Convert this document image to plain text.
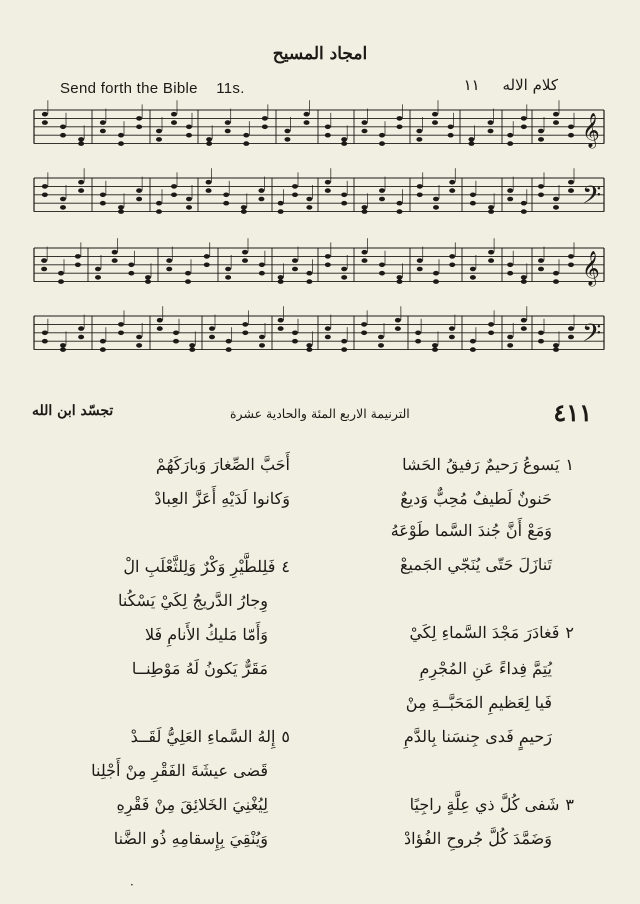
امجاد المسيح
Send forth the Bible 11s.	كلام الاله ١١
𝄞
𝄢
𝄞
𝄢
تجسّد ابن الله	الترنيمة الاربع المئة والحادية عشرة	٤١١
١يَسوعُ رَحيمٌ رَفيقُ الحَشا
حَنونٌ لَطيفٌ مُحِبٌّ وَديعٌ
وَمَعْ أَنَّ جُندَ السَّما طَوْعَهُ
تَنازَلَ حَتّى يُنَجّي الجَميعْ
٢فَغادَرَ مَجْدَ السَّماءِ لِكَيْ
يُتِمَّ فِداءً عَنِ المُجْرِمِ
فَيا لِعَظيمِ المَحَبَّــةِ مِنْ
رَحيمٍ فَدى جِنسَنا بِالدَّمِ
٣شَفى كُلَّ ذي عِلَّةٍ راجِيًا
وَضَمَّدَ كُلَّ جُروحِ الفُؤادْ
أَحَبَّ الصِّغارَ وَبارَكَهُمْ
وَكانوا لَدَيْهِ أَعَزَّ العِبادْ
٤فَلِلطَّيْرِ وَكْرٌ وَلِلثَّعْلَبِ الْ
وِجارُ الدَّريجُ لِكَيْ يَسْكُنا
وَأَمّا مَليكُ الأَنامِ فَلا
مَقَرٌّ يَكونُ لَهُ مَوْطِنــا
٥إِلهُ السَّماءِ العَلِيُّ لَقَــدْ
قَضى عيشَةَ الفَقْرِ مِنْ أَجْلِنا
لِيُغْنِيَ الخَلائِقَ مِنْ فَقْرِهِ
وَيُنْقِيَ بِإِسقامِهِ ذُو الضَّنا
·
